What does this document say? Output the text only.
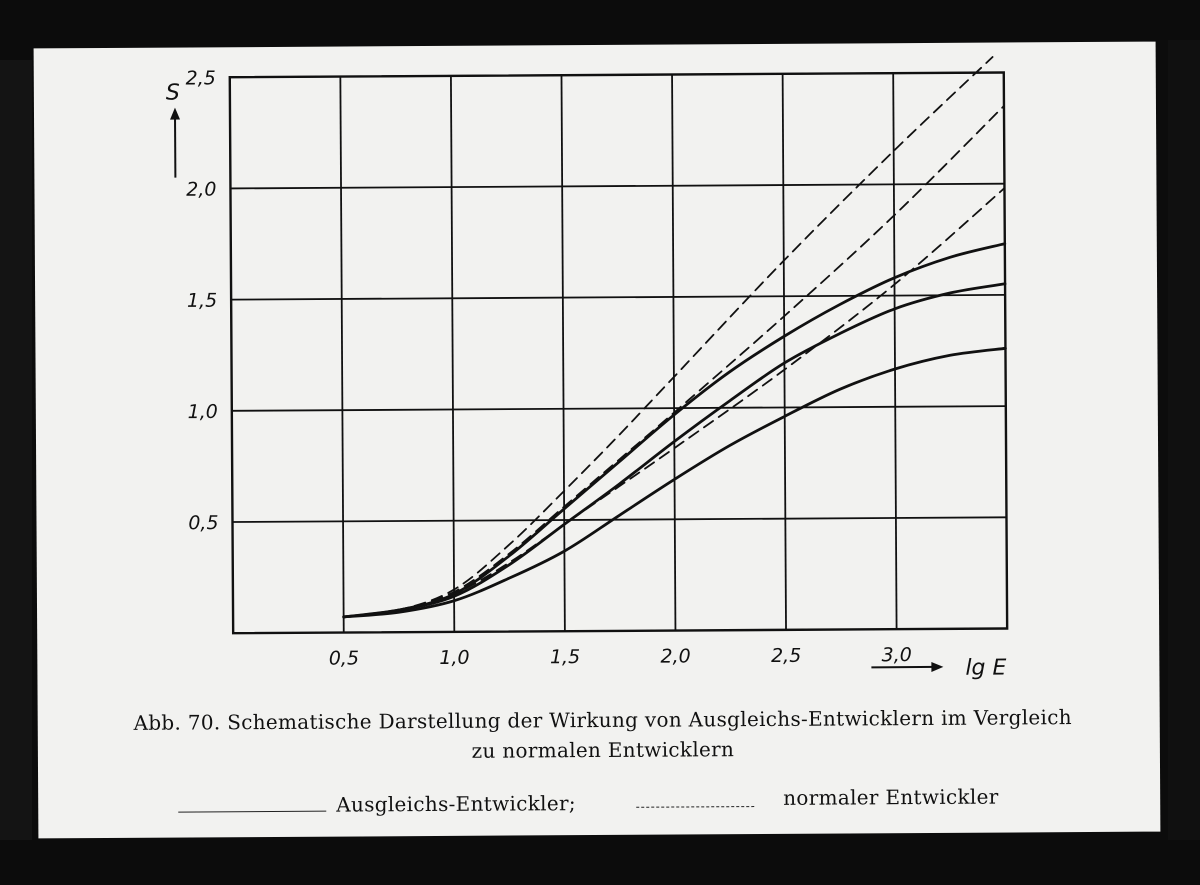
0,5	1,0	1,5	2,0	2,5	3,0
0,5
1,0
1,5
2,0
2,5
S
lg E
Abb. 70. Schematische Darstellung der Wirkung von Ausgleichs-Entwicklern im Vergleich
zu normalen Entwicklern
Ausgleichs-Entwickler;	normaler Entwickler
